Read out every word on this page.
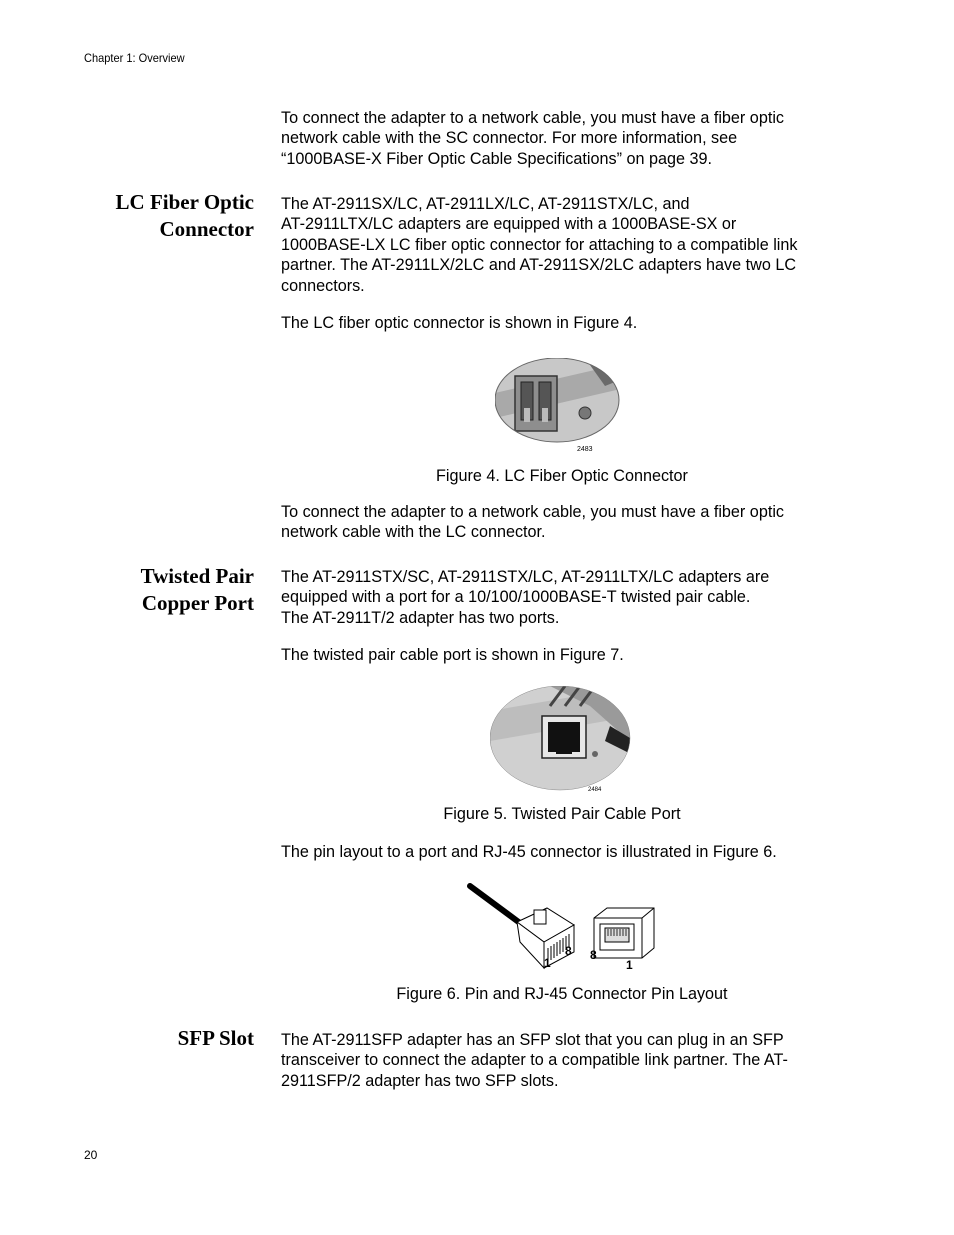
Chapter 1: Overview

To connect the adapter to a network cable, you must have a fiber optic
network cable with the SC connector. For more information, see
“1000BASE-X Fiber Optic Cable Specifications” on page 39.

LC Fiber Optic
Connector

The AT-2911SX/LC, AT-2911LX/LC, AT-2911STX/LC, and
AT-2911LTX/LC adapters are equipped with a 1000BASE-SX or
1000BASE-LX LC fiber optic connector for attaching to a compatible link
partner. The AT-2911LX/2LC and AT-2911SX/2LC adapters have two LC
connectors.

The LC fiber optic connector is shown in Figure 4.

2483
Figure 4. LC Fiber Optic Connector

To connect the adapter to a network cable, you must have a fiber optic
network cable with the LC connector.

Twisted Pair
Copper Port

The AT-2911STX/SC, AT-2911STX/LC, AT-2911LTX/LC adapters are
equipped with a port for a 10/100/1000BASE-T twisted pair cable.
The AT-2911T/2 adapter has two ports.

The twisted pair cable port is shown in Figure 7.

2484
Figure 5. Twisted Pair Cable Port

The pin layout to a port and RJ-45 connector is illustrated in Figure 6.

1
8 8
1
Figure 6. Pin and RJ-45 Connector Pin Layout
SFP Slot The AT-2911SFP adapter has an SFP slot that you can plug in an SFP
transceiver to connect the adapter to a compatible link partner. The AT-
2911SFP/2 adapter has two SFP slots.

20
